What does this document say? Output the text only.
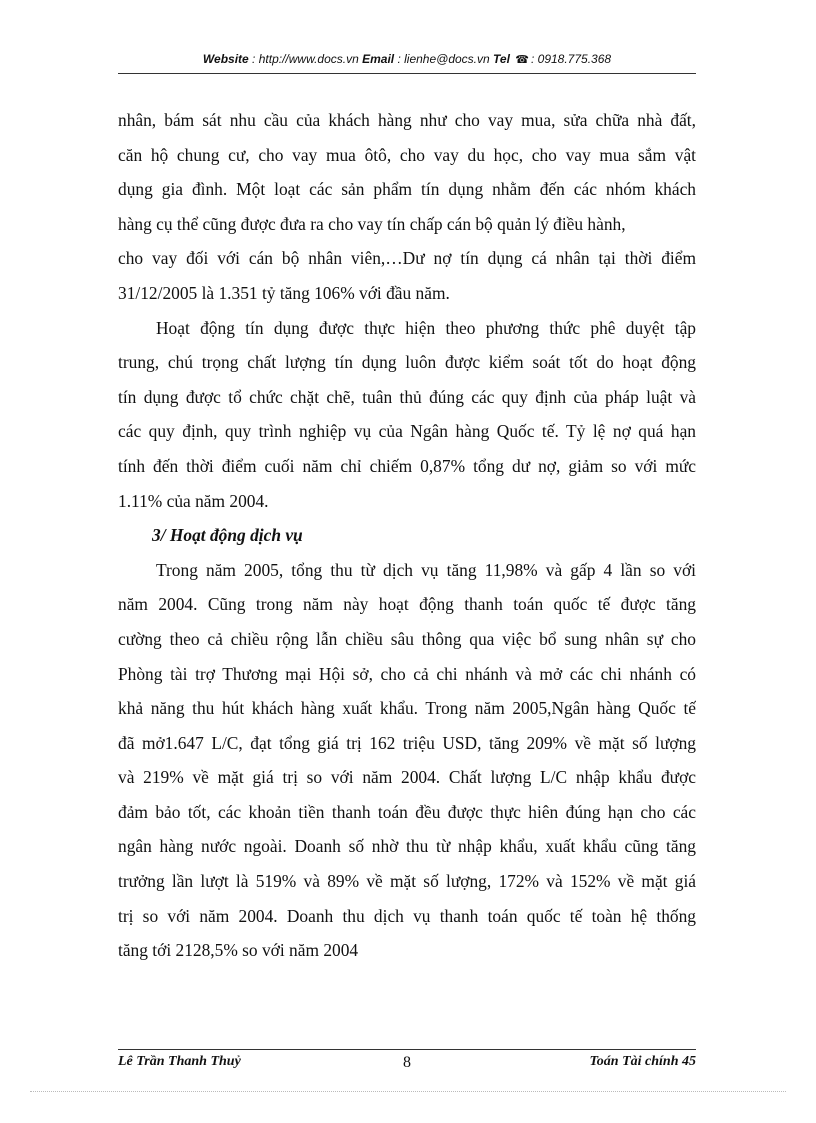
Website : http://www.docs.vn Email : lienhe@docs.vn Tel ☎ : 0918.775.368
nhân, bám sát nhu cầu của khách hàng như cho vay mua, sửa chữa nhà đất,
căn hộ chung cư, cho vay mua ôtô, cho vay du học, cho vay mua sắm vật
dụng gia đình. Một loạt các sản phẩm tín dụng nhằm đến các nhóm khách
hàng cụ thể cũng được đưa ra cho vay tín chấp cán bộ quản lý điều hành,
cho vay đối với cán bộ nhân viên,…Dư nợ tín dụng cá nhân tại thời điểm
31/12/2005 là 1.351 tỷ tăng 106% với đầu năm.
Hoạt động tín dụng được thực hiện theo phương thức phê duyệt tập
trung, chú trọng chất lượng tín dụng luôn được kiểm soát tốt do hoạt động
tín dụng được tổ chức chặt chẽ, tuân thủ đúng các quy định của pháp luật và
các quy định, quy trình nghiệp vụ của Ngân hàng Quốc tế. Tỷ lệ nợ quá hạn
tính đến thời điểm cuối năm chỉ chiếm 0,87% tổng dư nợ, giảm so với mức
1.11% của năm 2004.
3/ Hoạt động dịch vụ
Trong năm 2005, tổng thu từ dịch vụ tăng 11,98% và gấp 4 lần so với
năm 2004. Cũng trong năm này hoạt động thanh toán quốc tế được tăng
cường theo cả chiều rộng lẫn chiều sâu thông qua việc bổ sung nhân sự cho
Phòng tài trợ Thương mại Hội sở, cho cả chi nhánh và mở các chi nhánh có
khả năng thu hút khách hàng xuất khẩu. Trong năm 2005,Ngân hàng Quốc tế
đã mở1.647 L/C, đạt tổng giá trị 162 triệu USD, tăng 209% về mặt số lượng
và 219% về mặt giá trị so với năm 2004. Chất lượng L/C nhập khẩu được
đảm bảo tốt, các khoản tiền thanh toán đều được thực hiên đúng hạn cho các
ngân hàng nước ngoài. Doanh số nhờ thu từ nhập khẩu, xuất khẩu cũng tăng
trưởng lần lượt là 519% và 89% về mặt số lượng, 172% và 152% về mặt giá
trị so với năm 2004. Doanh thu dịch vụ thanh toán quốc tế toàn hệ thống
tăng tới 2128,5% so với năm 2004
Lê Trần Thanh Thuỷ	8	Toán Tài chính 45
